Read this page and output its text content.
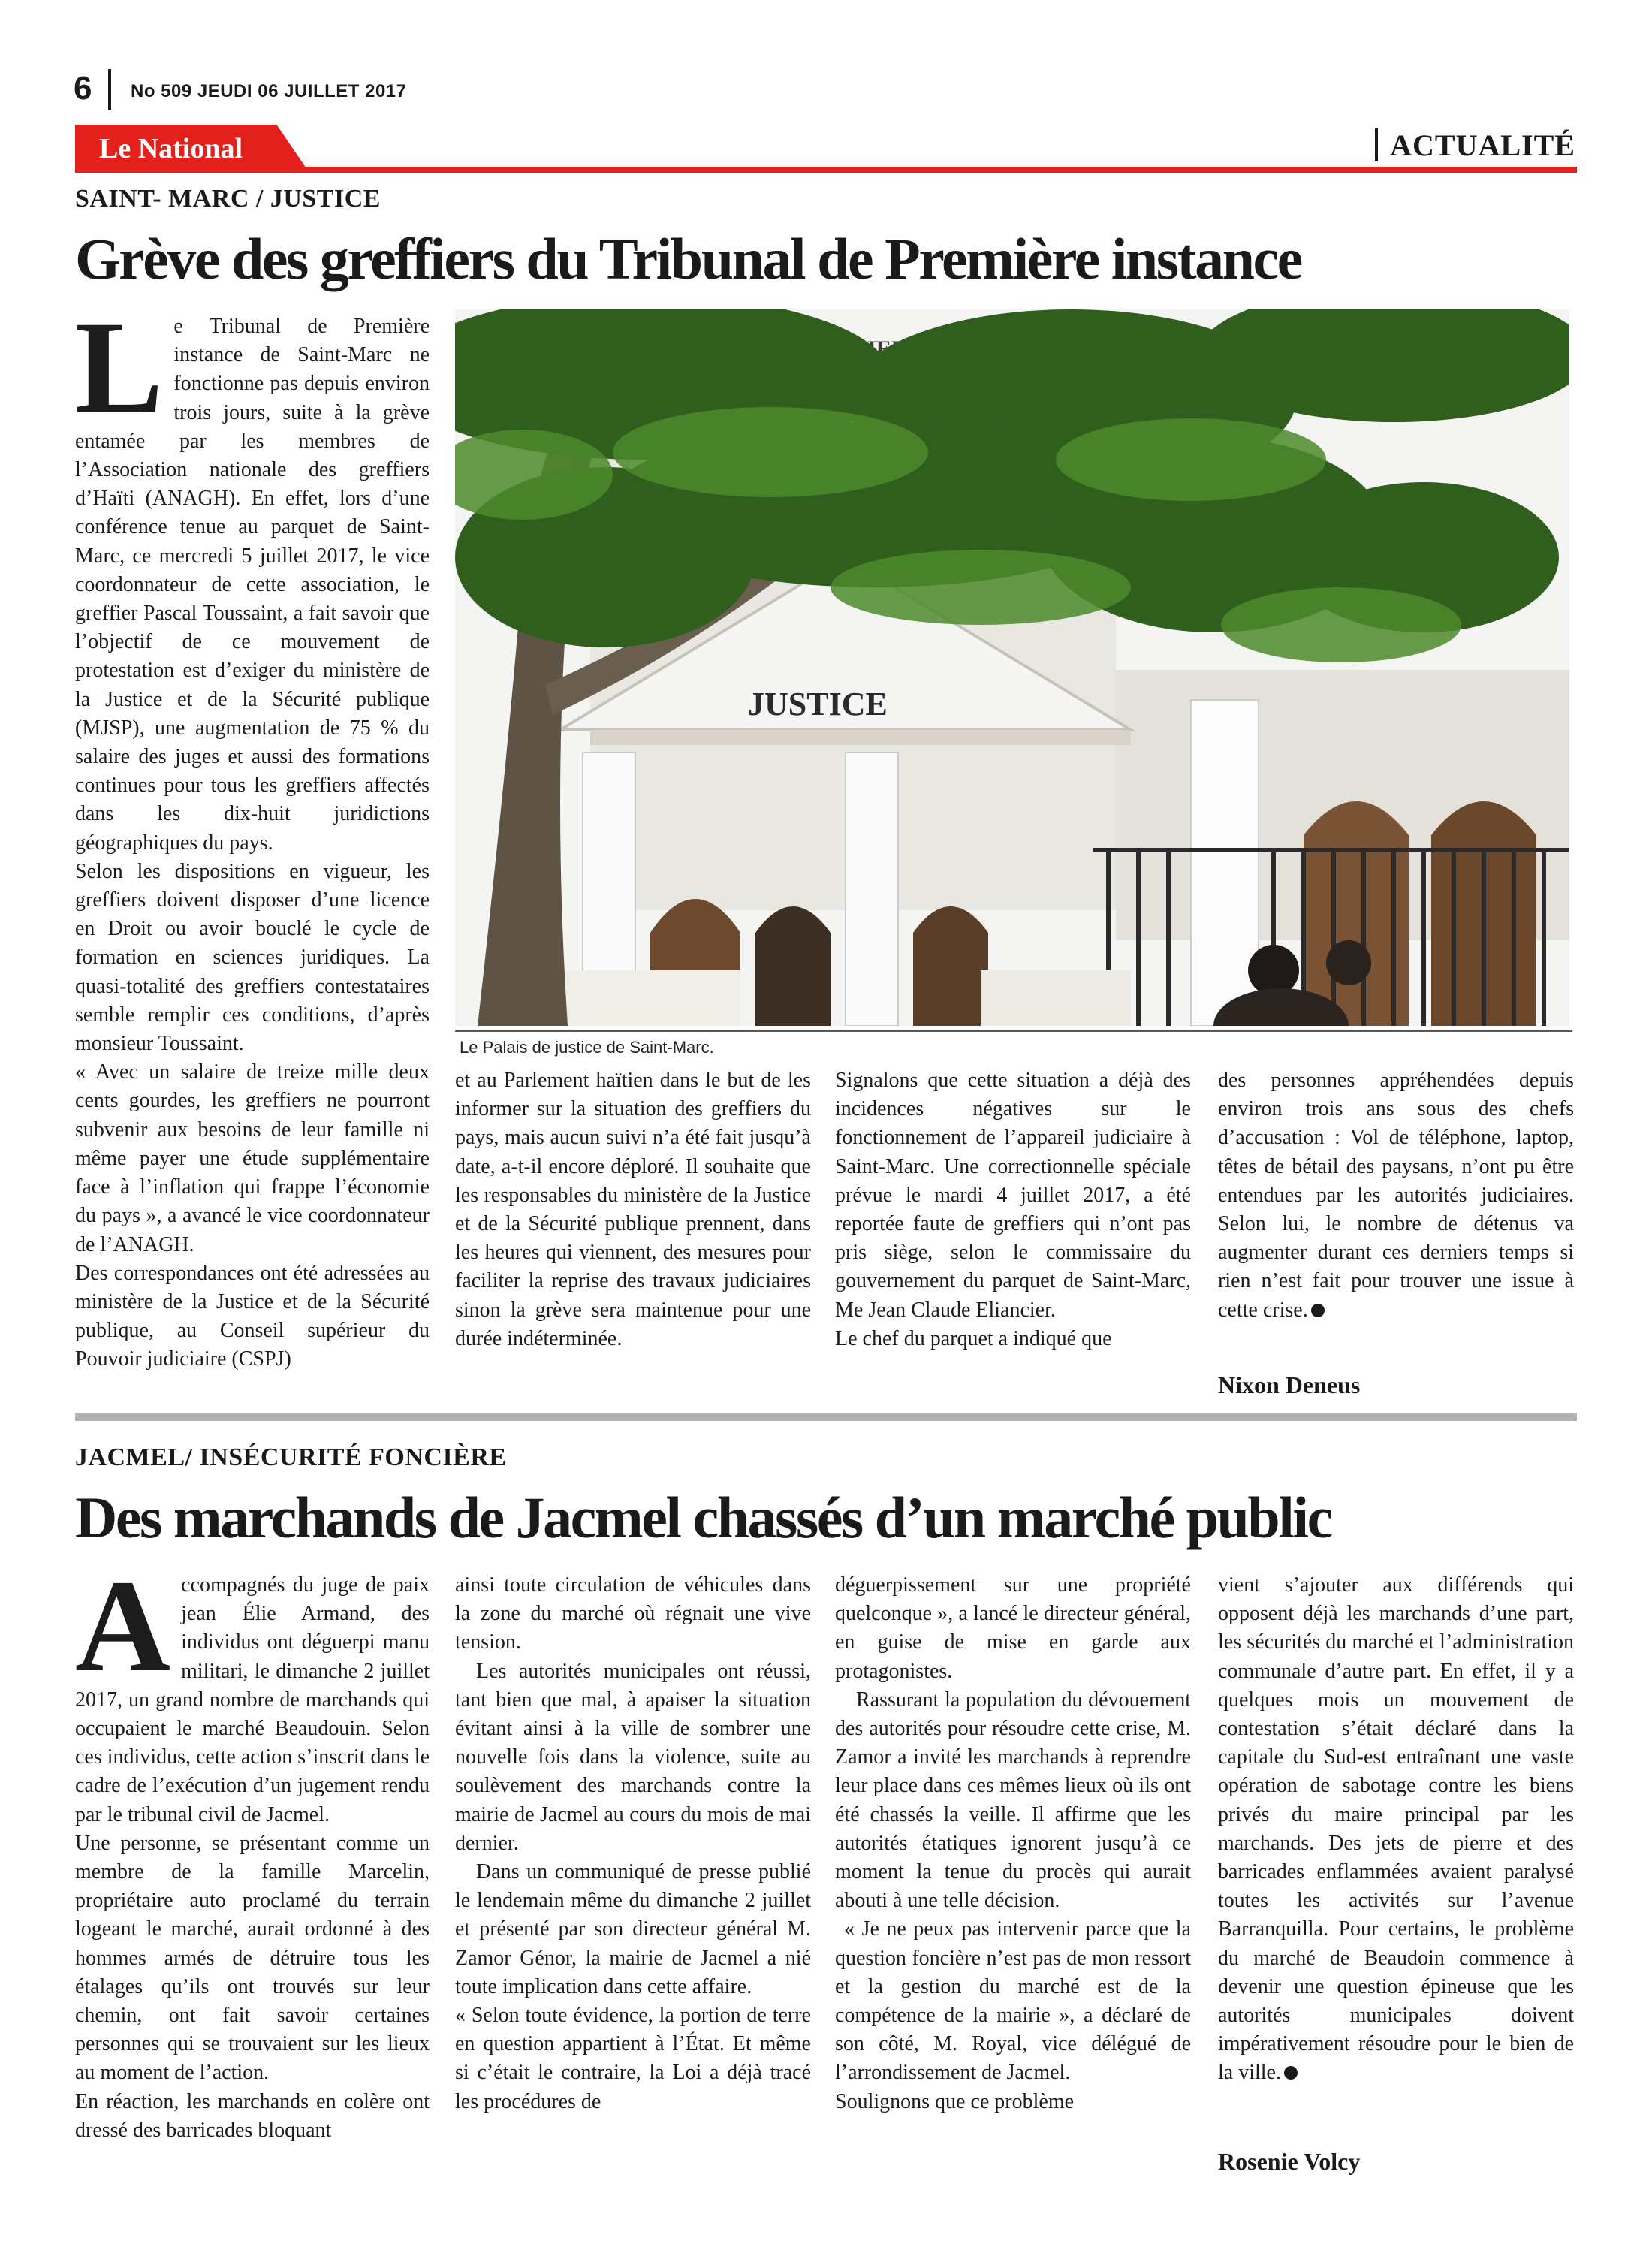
6 No 509 JEUDI 06 JUILLET 2017
Le National	ACTUALITÉ
SAINT- MARC / JUSTICE
Grève des greffiers du Tribunal de Première instance
L e Tribunal de Première instance de Saint-Marc ne fonctionne pas depuis environ trois jours, suite à la grève entamée par les membres de l’Association nationale des greffiers d’Haïti (ANAGH). En effet, lors d’une conférence tenue au parquet de Saint-Marc, ce mercredi 5 juillet 2017, le vice coordonnateur de cette association, le greffier Pascal Toussaint, a fait savoir que l’objectif de ce mouvement de protestation est d’exiger du ministère de la Justice et de la Sécurité publique (MJSP), une augmentation de 75 % du salaire des juges et aussi des formations continues pour tous les greffiers affectés dans les dix-huit juridictions géographiques du pays.

Selon les dispositions en vigueur, les greffiers doivent disposer d’une licence en Droit ou avoir bouclé le cycle de formation en sciences juridiques. La quasi-totalité des greffiers contestataires semble remplir ces conditions, d’après monsieur Toussaint.

« Avec un salaire de treize mille deux cents gourdes, les greffiers ne pourront subvenir aux besoins de leur famille ni même payer une étude supplémentaire face à l’inflation qui frappe l’économie du pays », a avancé le vice coordonnateur de l’ANAGH.

Des correspondances ont été adressées au ministère de la Justice et de la Sécurité publique, au Conseil supérieur du Pouvoir judiciaire (CSPJ)

JUSTICE
Le Palais de justice de Saint-Marc.

et au Parlement haïtien dans le but de les informer sur la situation des greffiers du pays, mais aucun suivi n’a été fait jusqu’à date, a-t-il encore déploré. Il souhaite que les responsables du ministère de la Justice et de la Sécurité publique prennent, dans les heures qui viennent, des mesures pour faciliter la reprise des travaux judiciaires sinon la grève sera maintenue pour une durée indéterminée.

Signalons que cette situation a déjà des incidences négatives sur le fonctionnement de l’appareil judiciaire à Saint-Marc. Une correctionnelle spéciale prévue le mardi 4 juillet 2017, a été reportée faute de greffiers qui n’ont pas pris siège, selon le commissaire du gouvernement du parquet de Saint-Marc, Me Jean Claude Eliancier.

Le chef du parquet a indiqué que

des personnes appréhendées depuis environ trois ans sous des chefs d’accusation : Vol de téléphone, laptop, têtes de bétail des paysans, n’ont pu être entendues par les autorités judiciaires. Selon lui, le nombre de détenus va augmenter durant ces derniers temps si rien n’est fait pour trouver une issue à cette crise.

Nixon Deneus
JACMEL/ INSÉCURITÉ FONCIÈRE
Des marchands de Jacmel chassés d’un marché public
A ccompagnés du juge de paix jean Élie Armand, des individus ont déguerpi manu militari, le dimanche 2 juillet 2017, un grand nombre de marchands qui occupaient le marché Beaudouin. Selon ces individus, cette action s’inscrit dans le cadre de l’exécution d’un jugement rendu par le tribunal civil de Jacmel.

Une personne, se présentant comme un membre de la famille Marcelin, propriétaire auto proclamé du terrain logeant le marché, aurait ordonné à des hommes armés de détruire tous les étalages qu’ils ont trouvés sur leur chemin, ont fait savoir certaines personnes qui se trouvaient sur les lieux au moment de l’action.

En réaction, les marchands en colère ont dressé des barricades bloquant

ainsi toute circulation de véhicules dans la zone du marché où régnait une vive tension.

Les autorités municipales ont réussi, tant bien que mal, à apaiser la situation évitant ainsi à la ville de sombrer une nouvelle fois dans la violence, suite au soulèvement des marchands contre la mairie de Jacmel au cours du mois de mai dernier.

Dans un communiqué de presse publié le lendemain même du dimanche 2 juillet et présenté par son directeur général M. Zamor Génor, la mairie de Jacmel a nié toute implication dans cette affaire.

« Selon toute évidence, la portion de terre en question appartient à l’État. Et même si c’était le contraire, la Loi a déjà tracé les procédures de

déguerpissement sur une propriété quelconque », a lancé le directeur général, en guise de mise en garde aux protagonistes.

Rassurant la population du dévouement des autorités pour résoudre cette crise, M. Zamor a invité les marchands à reprendre leur place dans ces mêmes lieux où ils ont été chassés la veille. Il affirme que les autorités étatiques ignorent jusqu’à ce moment la tenue du procès qui aurait abouti à une telle décision.

« Je ne peux pas intervenir parce que la question foncière n’est pas de mon ressort et la gestion du marché est de la compétence de la mairie », a déclaré de son côté, M. Royal, vice délégué de l’arrondissement de Jacmel.

Soulignons que ce problème

vient s’ajouter aux différends qui opposent déjà les marchands d’une part, les sécurités du marché et l’administration communale d’autre part. En effet, il y a quelques mois un mouvement de contestation s’était déclaré dans la capitale du Sud-est entraînant une vaste opération de sabotage contre les biens privés du maire principal par les marchands. Des jets de pierre et des barricades enflammées avaient paralysé toutes les activités sur l’avenue Barranquilla. Pour certains, le problème du marché de Beaudoin commence à devenir une question épineuse que les autorités municipales doivent impérativement résoudre pour le bien de la ville.

Rosenie Volcy
